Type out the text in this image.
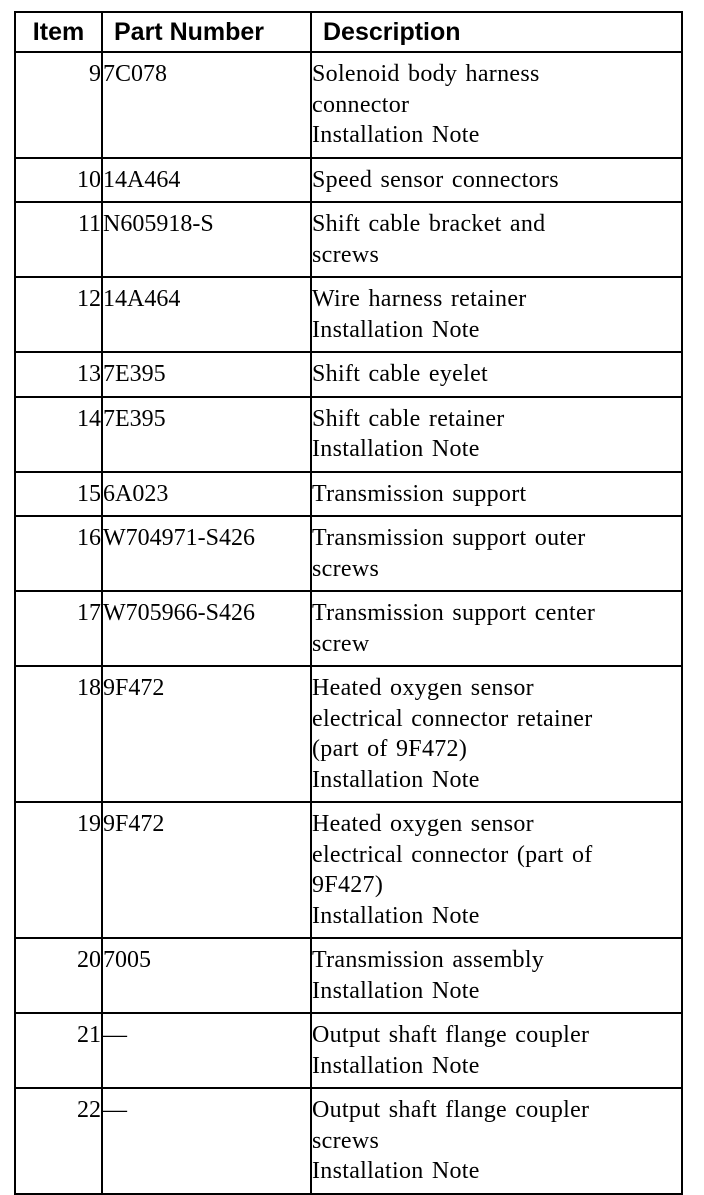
Item	Part Number	Description
9	7C078	Solenoid body harness
connector
Installation Note

10	14A464	Speed sensor connectors

11	N605918-S	Shift cable bracket and
screws

12	14A464	Wire harness retainer
Installation Note

13	7E395	Shift cable eyelet

14	7E395	Shift cable retainer
Installation Note

15	6A023	Transmission support

16	W704971-S426	Transmission support outer
screws

17	W705966-S426	Transmission support center
screw

18	9F472	Heated oxygen sensor
electrical connector retainer
(part of 9F472)
Installation Note

19	9F472	Heated oxygen sensor
electrical connector (part of
9F427)
Installation Note

20	7005	Transmission assembly
Installation Note

21	—	Output shaft flange coupler
Installation Note

22	—	Output shaft flange coupler
screws
Installation Note
